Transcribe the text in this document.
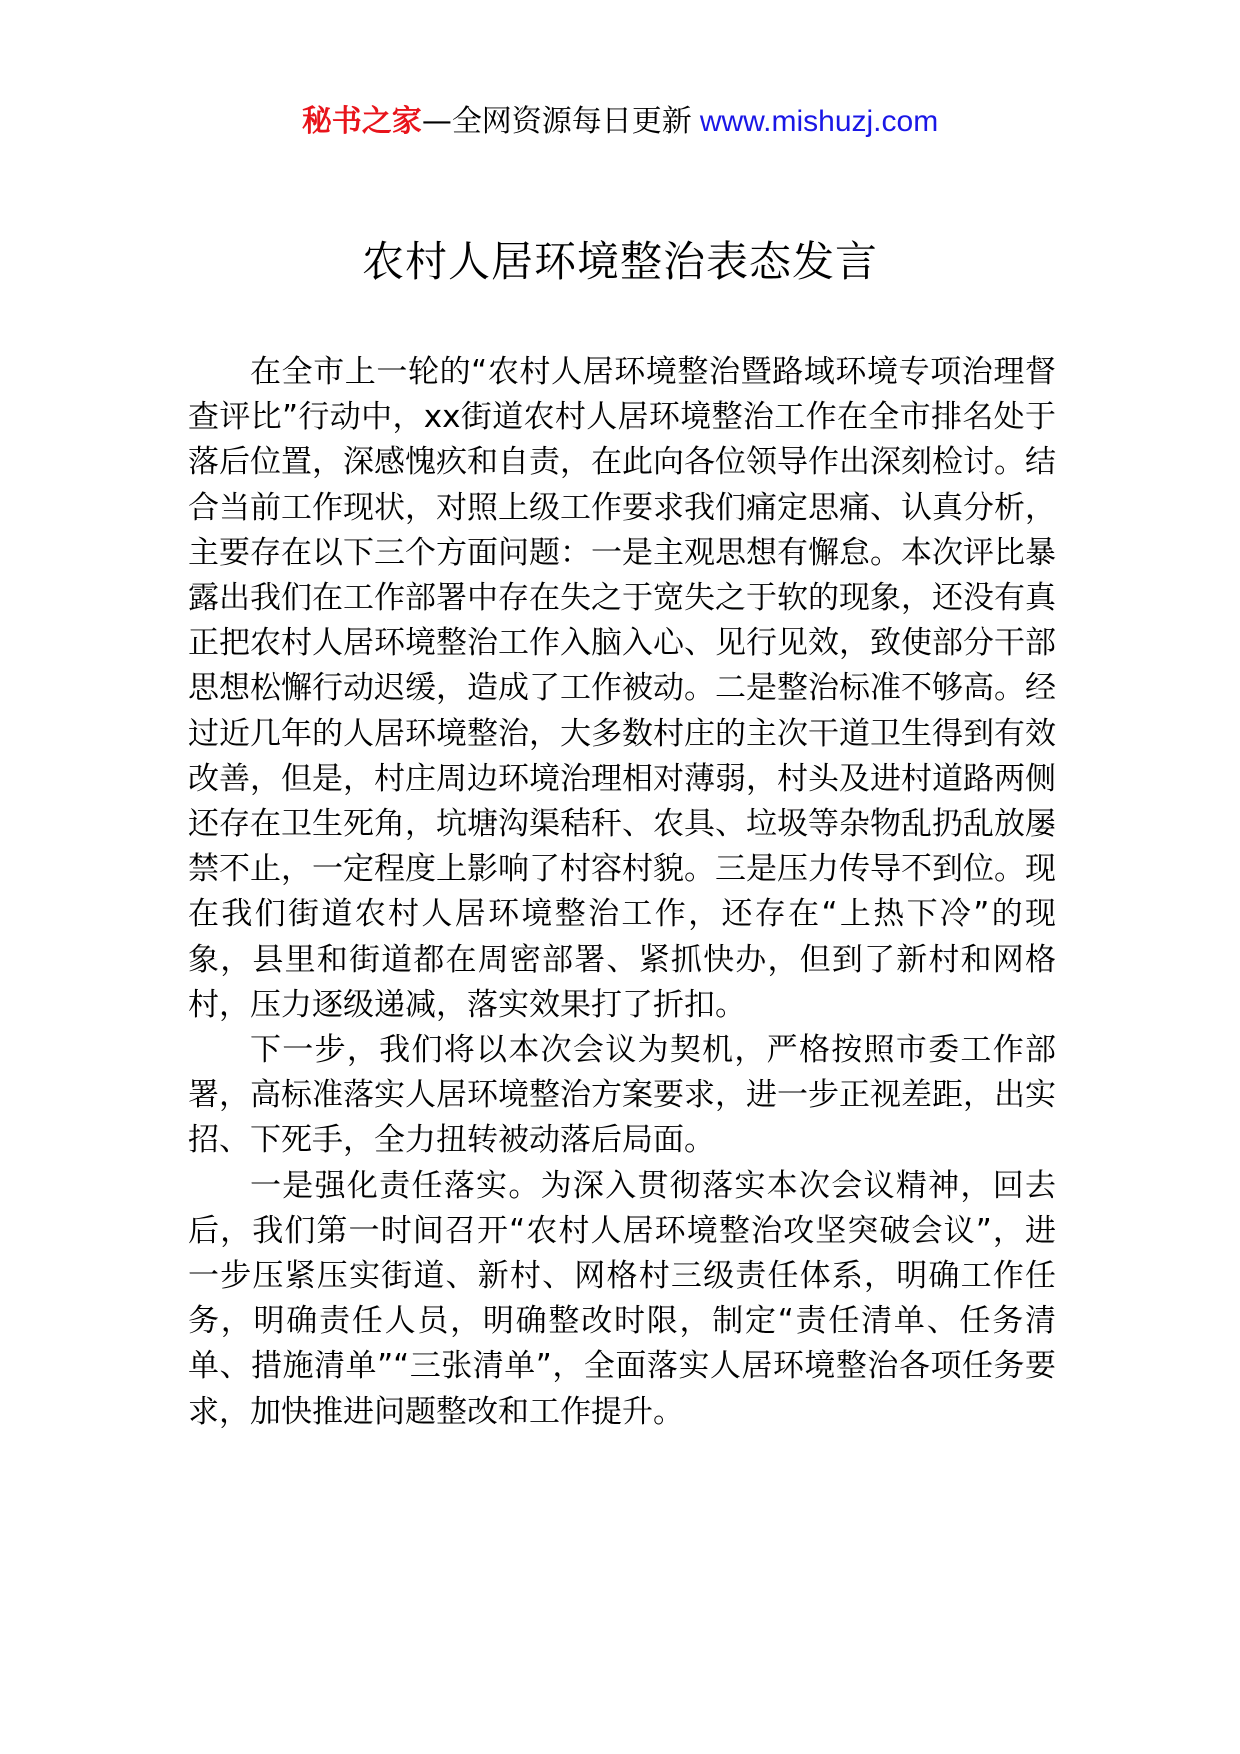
秘书之家—全网资源每日更新 www.mishuzj.com
农村人居环境整治表态发言

在全市上一轮的“农村人居环境整治暨路域环境专项治理督查评比”行动中，xx街道农村人居环境整治工作在全市排名处于落后位置，深感愧疚和自责，在此向各位领导作出深刻检讨。结合当前工作现状，对照上级工作要求我们痛定思痛、认真分析，主要存在以下三个方面问题：一是主观思想有懈怠。本次评比暴露出我们在工作部署中存在失之于宽失之于软的现象，还没有真正把农村人居环境整治工作入脑入心、见行见效，致使部分干部思想松懈行动迟缓，造成了工作被动。二是整治标准不够高。经过近几年的人居环境整治，大多数村庄的主次干道卫生得到有效改善，但是，村庄周边环境治理相对薄弱，村头及进村道路两侧还存在卫生死角，坑塘沟渠秸秆、农具、垃圾等杂物乱扔乱放屡禁不止，一定程度上影响了村容村貌。三是压力传导不到位。现在我们街道农村人居环境整治工作，还存在“上热下冷”的现象，县里和街道都在周密部署、紧抓快办，但到了新村和网格村，压力逐级递减，落实效果打了折扣。

下一步，我们将以本次会议为契机，严格按照市委工作部署，高标准落实人居环境整治方案要求，进一步正视差距，出实招、下死手，全力扭转被动落后局面。

一是强化责任落实。为深入贯彻落实本次会议精神，回去后，我们第一时间召开“农村人居环境整治攻坚突破会议”，进一步压紧压实街道、新村、网格村三级责任体系，明确工作任务，明确责任人员，明确整改时限，制定“责任清单、任务清单、措施清单”“三张清单”，全面落实人居环境整治各项任务要求，加快推进问题整改和工作提升。
